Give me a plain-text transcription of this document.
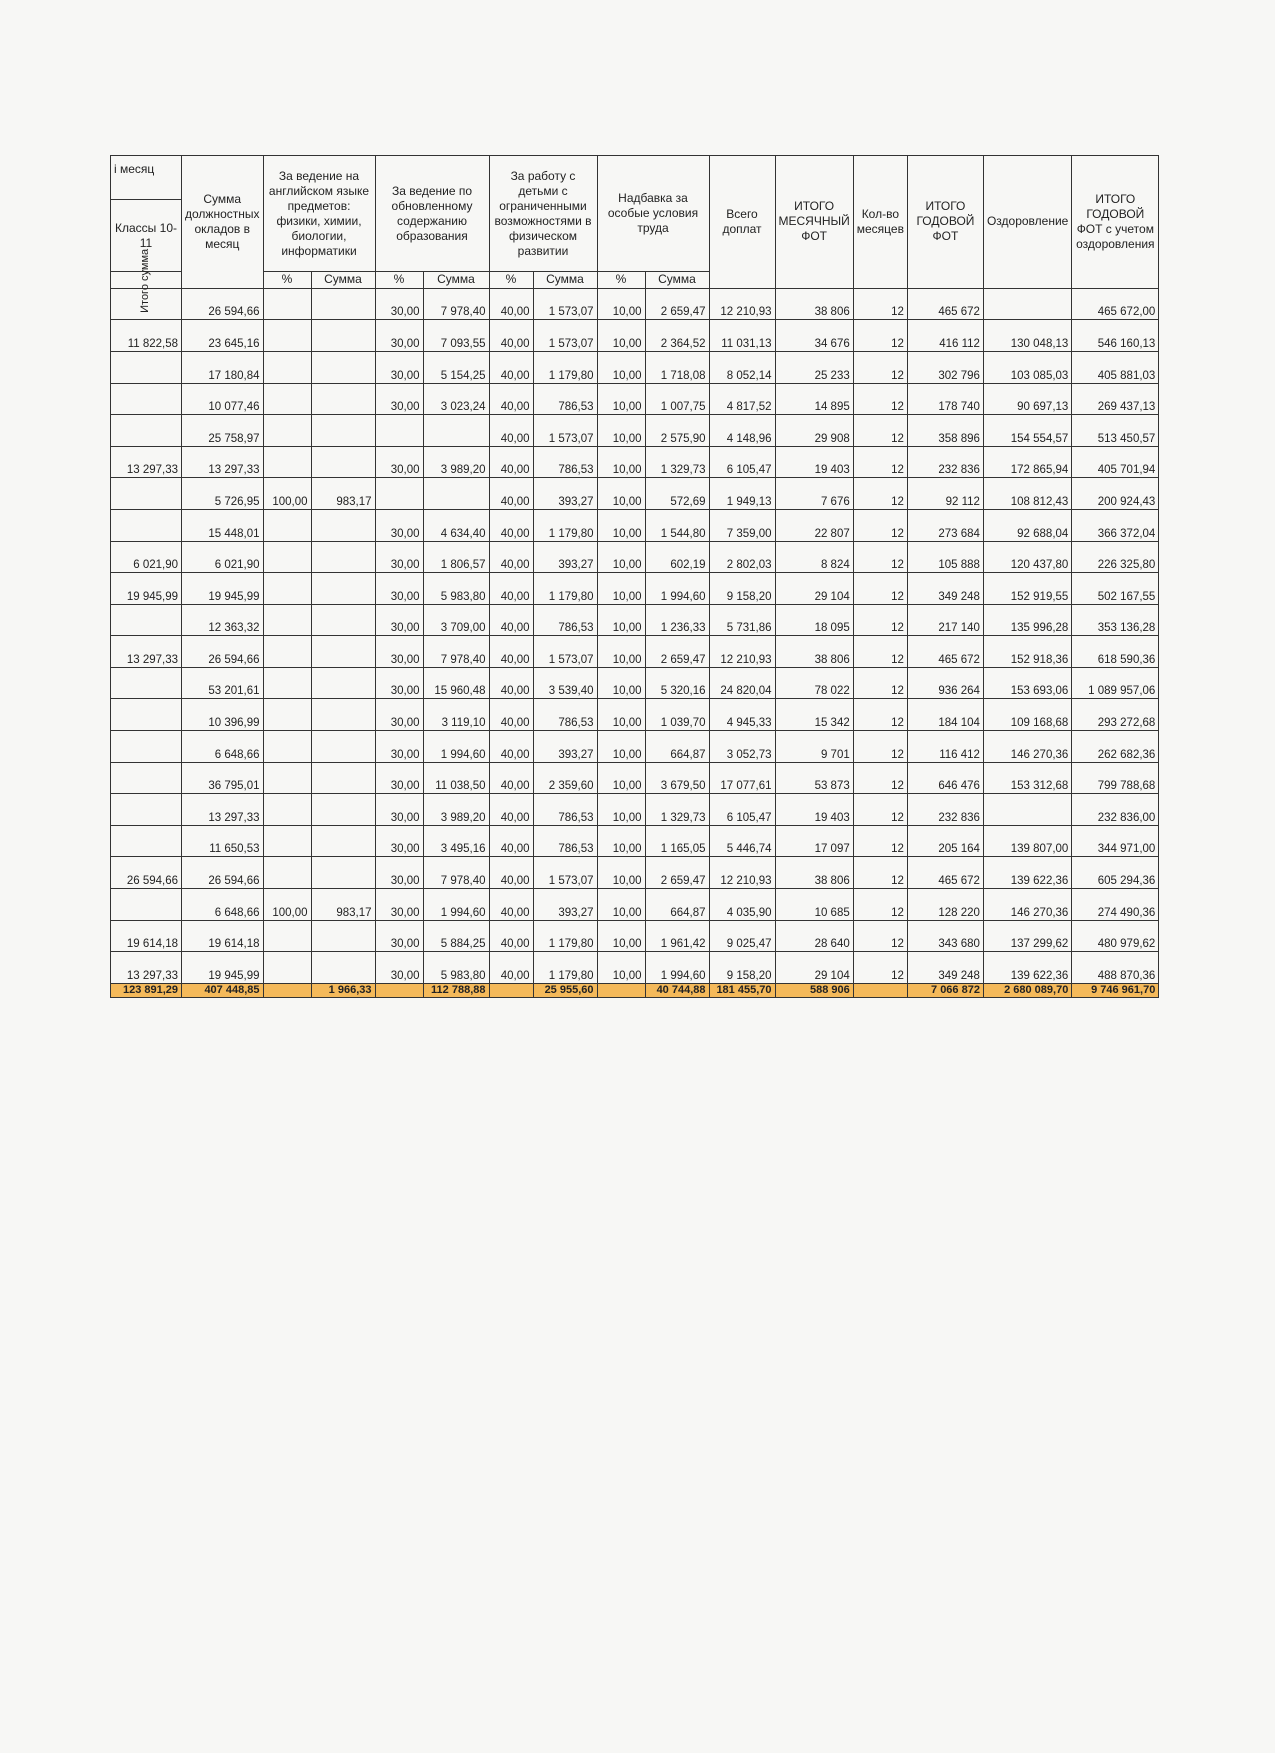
і месяц	Сумма должностных окладов в месяц	За ведение на английском языке предметов: физики, химии, биологии, информатики		За ведение по обновленному содержанию образования		За работу с детьми с ограниченными возможностями в физическом развитии		Надбавка за особые условия труда		Всего доплат	ИТОГО МЕСЯЧНЫЙ ФОТ	Кол-во месяцев	ИТОГО ГОДОВОЙ ФОТ	Оздоровление	ИТОГО ГОДОВОЙ ФОТ с учетом оздоровления
Классы 10-11															
Итого сумма		%	Сумма	%	Сумма	%	Сумма	%	Сумма						

	26 594,66			30,00	7 978,40	40,00	1 573,07	10,00	2 659,47	12 210,93	38 806	12	465 672		465 672,00
11 822,58	23 645,16			30,00	7 093,55	40,00	1 573,07	10,00	2 364,52	11 031,13	34 676	12	416 112	130 048,13	546 160,13
	17 180,84			30,00	5 154,25	40,00	1 179,80	10,00	1 718,08	8 052,14	25 233	12	302 796	103 085,03	405 881,03
	10 077,46			30,00	3 023,24	40,00	786,53	10,00	1 007,75	4 817,52	14 895	12	178 740	90 697,13	269 437,13
	25 758,97					40,00	1 573,07	10,00	2 575,90	4 148,96	29 908	12	358 896	154 554,57	513 450,57
13 297,33	13 297,33			30,00	3 989,20	40,00	786,53	10,00	1 329,73	6 105,47	19 403	12	232 836	172 865,94	405 701,94
	5 726,95	100,00	983,17			40,00	393,27	10,00	572,69	1 949,13	7 676	12	92 112	108 812,43	200 924,43
	15 448,01			30,00	4 634,40	40,00	1 179,80	10,00	1 544,80	7 359,00	22 807	12	273 684	92 688,04	366 372,04
6 021,90	6 021,90			30,00	1 806,57	40,00	393,27	10,00	602,19	2 802,03	8 824	12	105 888	120 437,80	226 325,80
19 945,99	19 945,99			30,00	5 983,80	40,00	1 179,80	10,00	1 994,60	9 158,20	29 104	12	349 248	152 919,55	502 167,55
	12 363,32			30,00	3 709,00	40,00	786,53	10,00	1 236,33	5 731,86	18 095	12	217 140	135 996,28	353 136,28
13 297,33	26 594,66			30,00	7 978,40	40,00	1 573,07	10,00	2 659,47	12 210,93	38 806	12	465 672	152 918,36	618 590,36
	53 201,61			30,00	15 960,48	40,00	3 539,40	10,00	5 320,16	24 820,04	78 022	12	936 264	153 693,06	1 089 957,06
	10 396,99			30,00	3 119,10	40,00	786,53	10,00	1 039,70	4 945,33	15 342	12	184 104	109 168,68	293 272,68
	6 648,66			30,00	1 994,60	40,00	393,27	10,00	664,87	3 052,73	9 701	12	116 412	146 270,36	262 682,36
	36 795,01			30,00	11 038,50	40,00	2 359,60	10,00	3 679,50	17 077,61	53 873	12	646 476	153 312,68	799 788,68
	13 297,33			30,00	3 989,20	40,00	786,53	10,00	1 329,73	6 105,47	19 403	12	232 836		232 836,00
	11 650,53			30,00	3 495,16	40,00	786,53	10,00	1 165,05	5 446,74	17 097	12	205 164	139 807,00	344 971,00
26 594,66	26 594,66			30,00	7 978,40	40,00	1 573,07	10,00	2 659,47	12 210,93	38 806	12	465 672	139 622,36	605 294,36
	6 648,66	100,00	983,17	30,00	1 994,60	40,00	393,27	10,00	664,87	4 035,90	10 685	12	128 220	146 270,36	274 490,36
19 614,18	19 614,18			30,00	5 884,25	40,00	1 179,80	10,00	1 961,42	9 025,47	28 640	12	343 680	137 299,62	480 979,62
13 297,33	19 945,99			30,00	5 983,80	40,00	1 179,80	10,00	1 994,60	9 158,20	29 104	12	349 248	139 622,36	488 870,36
123 891,29	407 448,85		1 966,33		112 788,88		25 955,60		40 744,88	181 455,70	588 906		7 066 872	2 680 089,70	9 746 961,70
